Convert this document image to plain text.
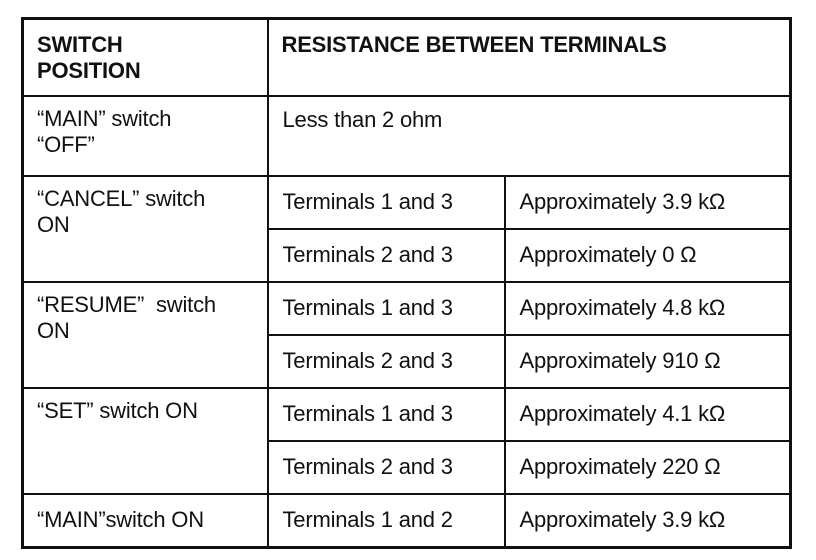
SWITCH
POSITION	RESISTANCE BETWEEN TERMINALS	

“MAIN” switch
“OFF”	Less than 2 ohm	

“CANCEL” switch
ON	Terminals 1 and 3	Approximately 3.9 kΩ
	Terminals 2 and 3	Approximately 0 Ω

“RESUME”  switch
ON	Terminals 1 and 3	Approximately 4.8 kΩ
	Terminals 2 and 3	Approximately 910 Ω

“SET” switch ON	Terminals 1 and 3	Approximately 4.1 kΩ
	Terminals 2 and 3	Approximately 220 Ω

“MAIN”switch ON	Terminals 1 and 2	Approximately 3.9 kΩ
